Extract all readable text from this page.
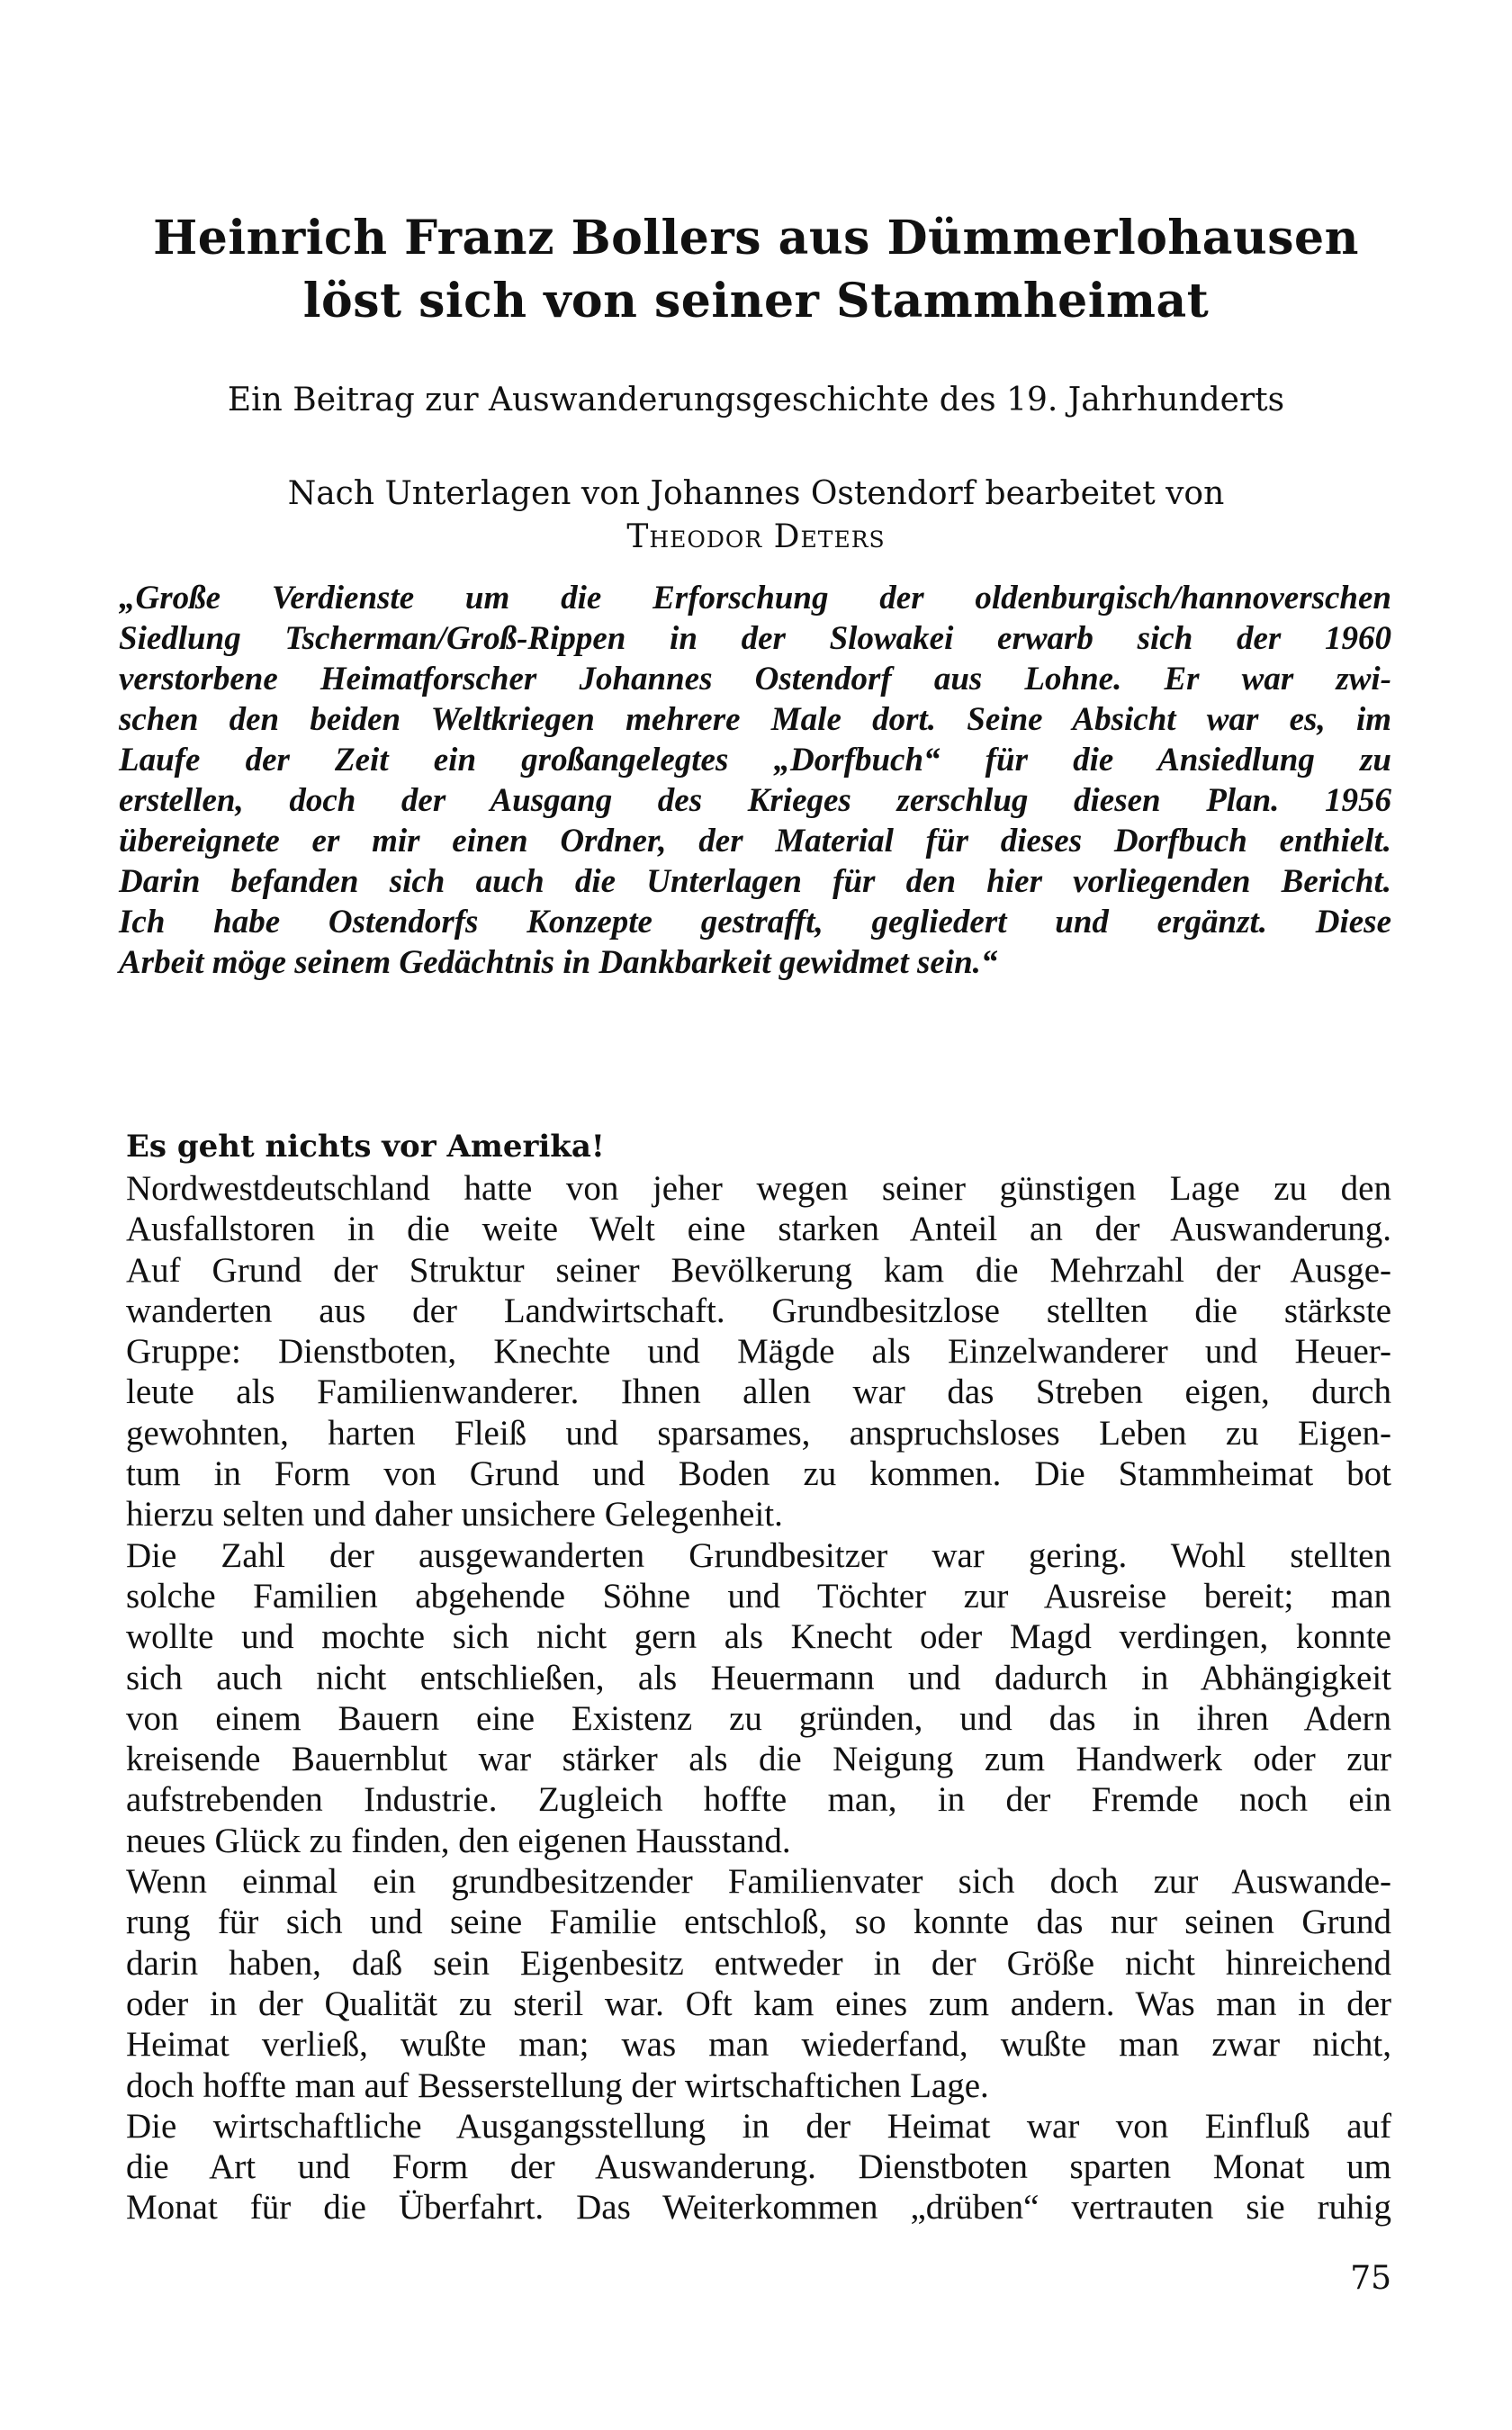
Heinrich Franz Bollers aus Dümmerlohausen
löst sich von seiner Stammheimat

Ein Beitrag zur Auswanderungsgeschichte des 19. Jahrhunderts

Nach Unterlagen von Johannes Ostendorf bearbeitet von
Theodor Deters

„Große Verdienste um die Erforschung der oldenburgisch/hannoverschen
Siedlung Tscherman/Groß-Rippen in der Slowakei erwarb sich der 1960
verstorbene Heimatforscher Johannes Ostendorf aus Lohne. Er war zwi-
schen den beiden Weltkriegen mehrere Male dort. Seine Absicht war es, im
Laufe der Zeit ein großangelegtes „Dorfbuch“ für die Ansiedlung zu
erstellen, doch der Ausgang des Krieges zerschlug diesen Plan. 1956
übereignete er mir einen Ordner, der Material für dieses Dorfbuch enthielt.
Darin befanden sich auch die Unterlagen für den hier vorliegenden Bericht.
Ich habe Ostendorfs Konzepte gestrafft, gegliedert und ergänzt. Diese
Arbeit möge seinem Gedächtnis in Dankbarkeit gewidmet sein.“
Es geht nichts vor Amerika!
Nordwestdeutschland hatte von jeher wegen seiner günstigen Lage zu den
Ausfallstoren in die weite Welt eine starken Anteil an der Auswanderung.
Auf Grund der Struktur seiner Bevölkerung kam die Mehrzahl der Ausge-
wanderten aus der Landwirtschaft. Grundbesitzlose stellten die stärkste
Gruppe: Dienstboten, Knechte und Mägde als Einzelwanderer und Heuer-
leute als Familienwanderer. Ihnen allen war das Streben eigen, durch
gewohnten, harten Fleiß und sparsames, anspruchsloses Leben zu Eigen-
tum in Form von Grund und Boden zu kommen. Die Stammheimat bot
hierzu selten und daher unsichere Gelegenheit.
Die Zahl der ausgewanderten Grundbesitzer war gering. Wohl stellten
solche Familien abgehende Söhne und Töchter zur Ausreise bereit; man
wollte und mochte sich nicht gern als Knecht oder Magd verdingen, konnte
sich auch nicht entschließen, als Heuermann und dadurch in Abhängigkeit
von einem Bauern eine Existenz zu gründen, und das in ihren Adern
kreisende Bauernblut war stärker als die Neigung zum Handwerk oder zur
aufstrebenden Industrie. Zugleich hoffte man, in der Fremde noch ein
neues Glück zu finden, den eigenen Hausstand.
Wenn einmal ein grundbesitzender Familienvater sich doch zur Auswande-
rung für sich und seine Familie entschloß, so konnte das nur seinen Grund
darin haben, daß sein Eigenbesitz entweder in der Größe nicht hinreichend
oder in der Qualität zu steril war. Oft kam eines zum andern. Was man in der
Heimat verließ, wußte man; was man wiederfand, wußte man zwar nicht,
doch hoffte man auf Besserstellung der wirtschaftichen Lage.
Die wirtschaftliche Ausgangsstellung in der Heimat war von Einfluß auf
die Art und Form der Auswanderung. Dienstboten sparten Monat um
Monat für die Überfahrt. Das Weiterkommen „drüben“ vertrauten sie ruhig

75
